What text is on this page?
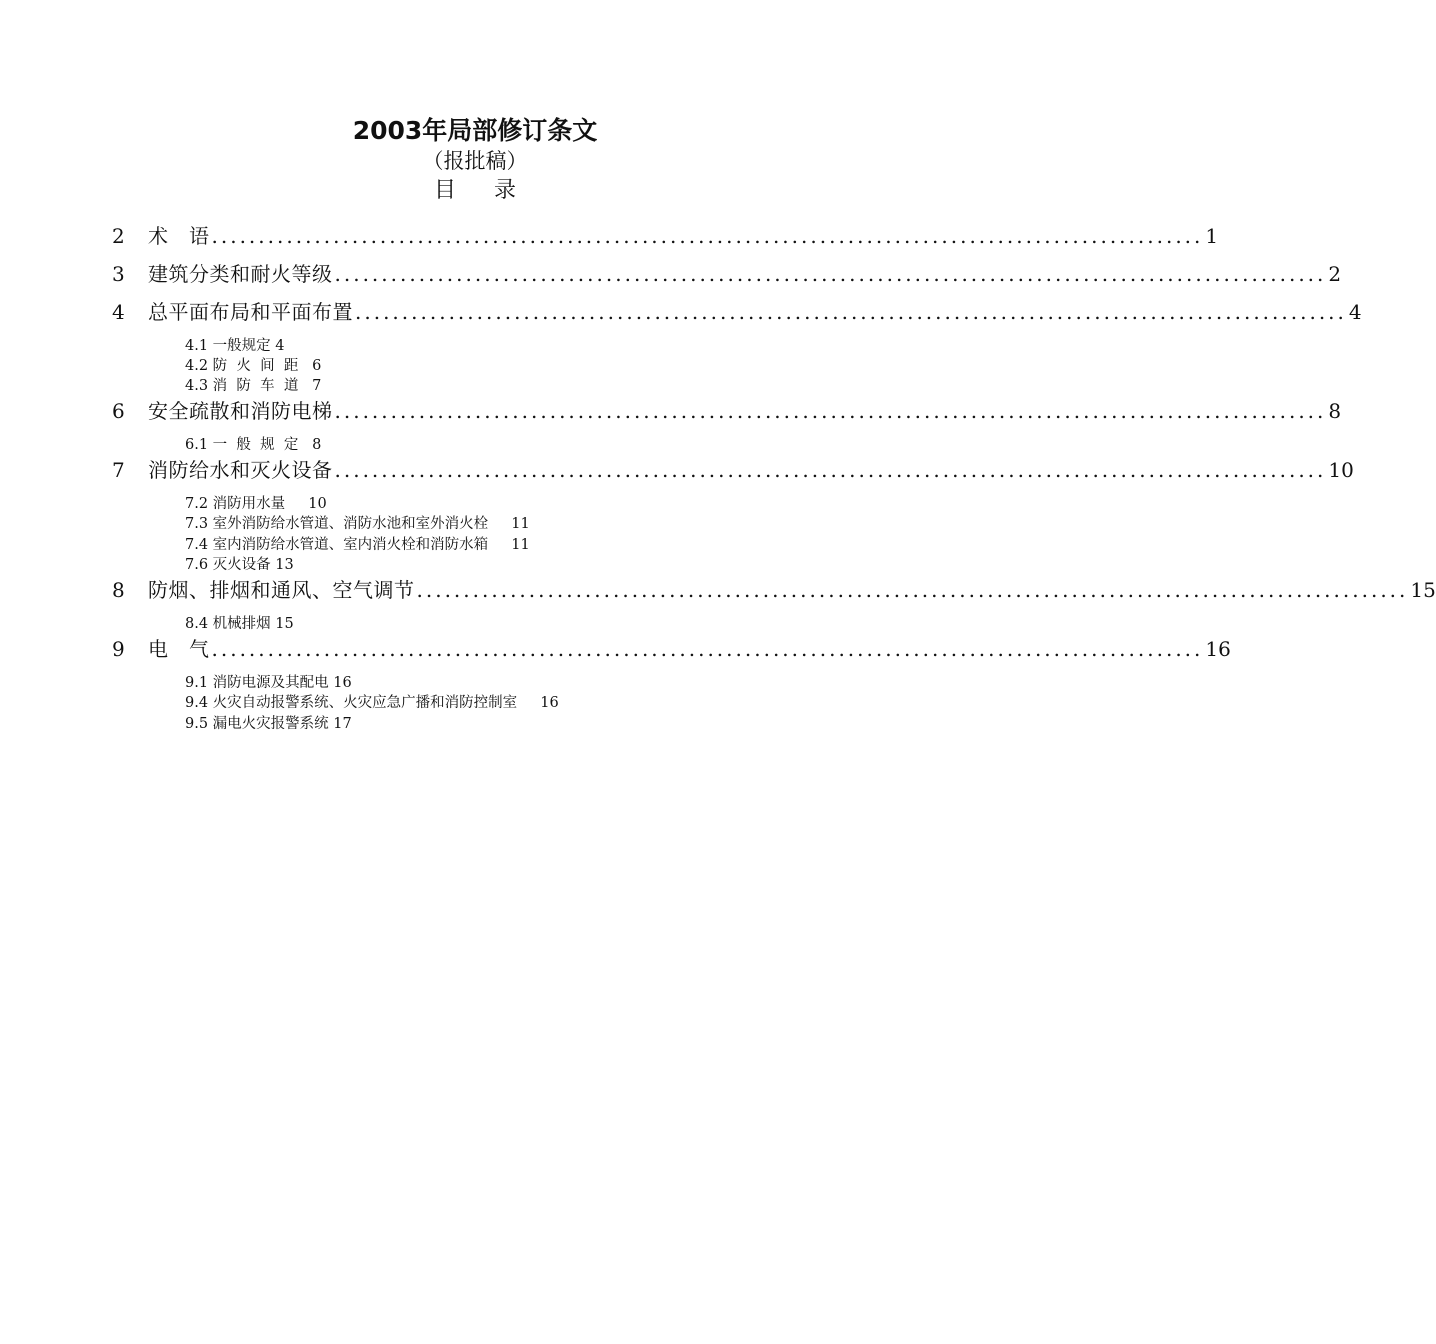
2003年局部修订条文
（报批稿）
目录
2	术　语 .......................................................................................................... 1
3	建筑分类和耐火等级 .......................................................................................................... 2
4	总平面布局和平面布置 .......................................................................................................... 4
4.1 一般规定 4
4.2 防  火  间  距   6
4.3 消  防  车  道   7
6	安全疏散和消防电梯 .......................................................................................................... 8
6.1 一  般  规  定   8
7	消防给水和灭火设备 .......................................................................................................... 10
7.2 消防用水量     10
7.3 室外消防给水管道、消防水池和室外消火栓     11
7.4 室内消防给水管道、室内消火栓和消防水箱     11
7.6 灭火设备 13
8	防烟、排烟和通风、空气调节 .......................................................................................................... 15
8.4 机械排烟 15
9	电　气 .......................................................................................................... 16
9.1 消防电源及其配电 16
9.4 火灾自动报警系统、火灾应急广播和消防控制室     16
9.5 漏电火灾报警系统 17
